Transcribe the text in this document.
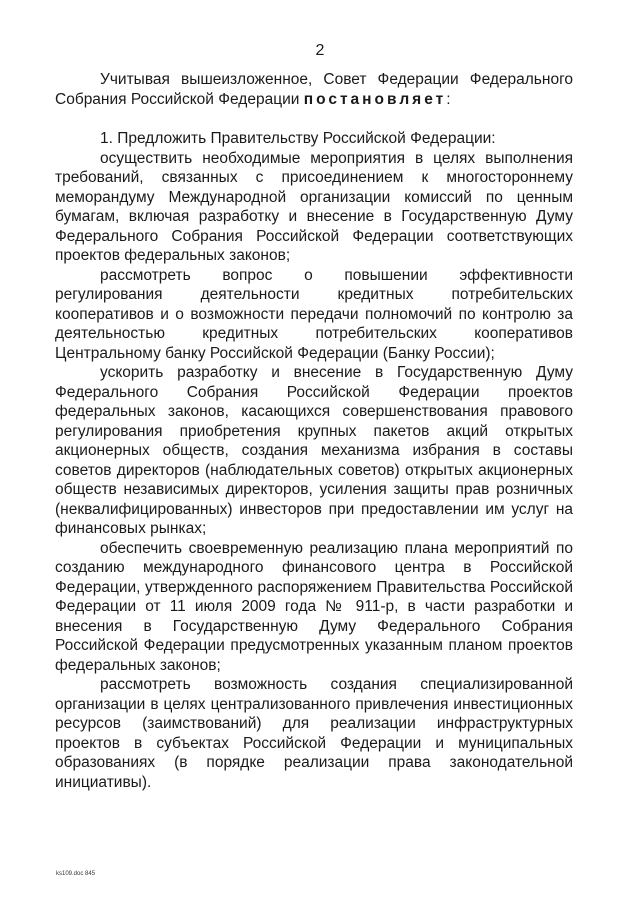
2

Учитывая вышеизложенное, Совет Федерации Федерального Собрания Российской Федерации постановляет:

1. Предложить Правительству Российской Федерации:

осуществить необходимые мероприятия в целях выполнения требований, связанных с присоединением к многостороннему меморандуму Международной организации комиссий по ценным бумагам, включая разработку и внесение в Государственную Думу Федерального Собрания Российской Федерации соответствующих проектов федеральных законов;

рассмотреть вопрос о повышении эффективности регулирования деятельности кредитных потребительских кооперативов и о возможности передачи полномочий по контролю за деятельностью кредитных потребительских кооперативов Центральному банку Российской Федерации (Банку России);

ускорить разработку и внесение в Государственную Думу Федерального Собрания Российской Федерации проектов федеральных законов, касающихся совершенствования правового регулирования приобретения крупных пакетов акций открытых акционерных обществ, создания механизма избрания в составы советов директоров (наблюдательных советов) открытых акционерных обществ независимых директоров, усиления защиты прав розничных (неквалифицированных) инвесторов при предоставлении им услуг на финансовых рынках;

обеспечить своевременную реализацию плана мероприятий по созданию международного финансового центра в Российской Федерации, утвержденного распоряжением Правительства Российской Федерации от 11 июля 2009 года № 911-р, в части разработки и внесения в Государственную Думу Федерального Собрания Российской Федерации предусмотренных указанным планом проектов федеральных законов;

рассмотреть возможность создания специализированной организации в целях централизованного привлечения инвестиционных ресурсов (заимствований) для реализации инфраструктурных проектов в субъектах Российской Федерации и муниципальных образованиях (в порядке реализации права законодательной инициативы).

ks109.doc 845
